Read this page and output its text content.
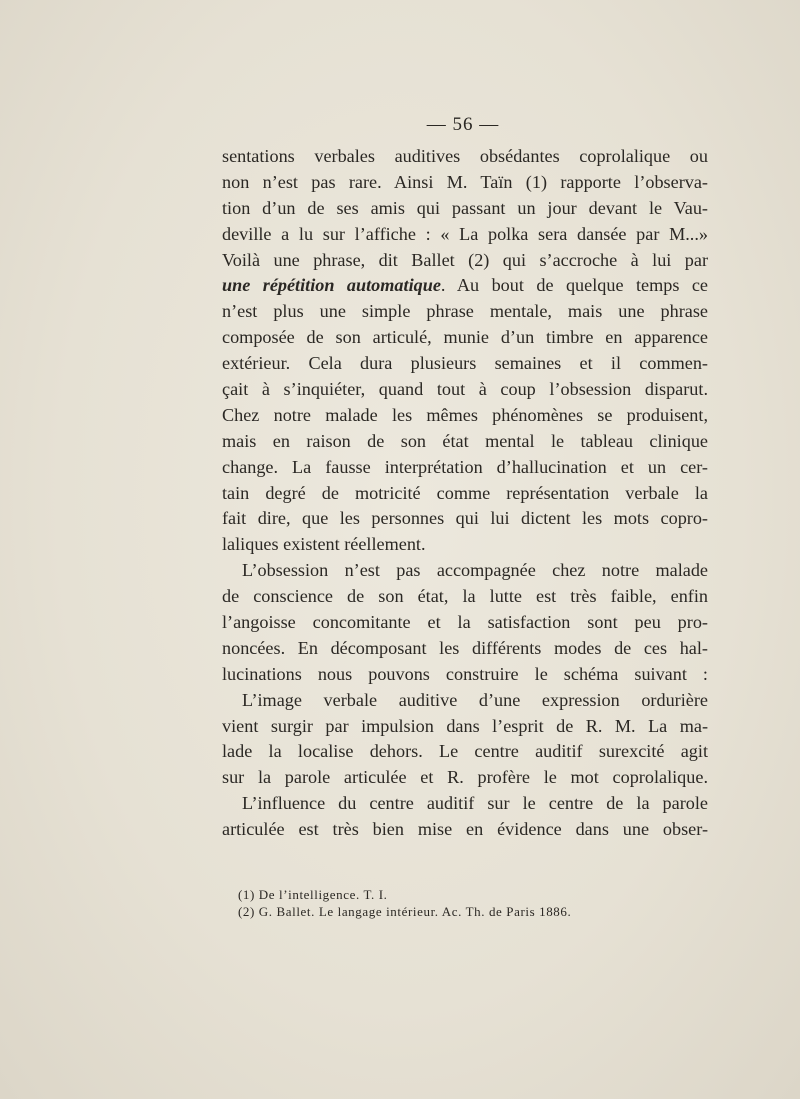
— 56 —
sentations verbales auditives obsédantes coprolalique ou
non n’est pas rare. Ainsi M. Taïn (1) rapporte l’observa-
tion d’un de ses amis qui passant un jour devant le Vau-
deville a lu sur l’affiche : « La polka sera dansée par M...»
Voilà une phrase, dit Ballet (2) qui s’accroche à lui par
une répétition automatique. Au bout de quelque temps ce
n’est plus une simple phrase mentale, mais une phrase
composée de son articulé, munie d’un timbre en apparence
extérieur. Cela dura plusieurs semaines et il commen-
çait à s’inquiéter, quand tout à coup l’obsession disparut.
Chez notre malade les mêmes phénomènes se produisent,
mais en raison de son état mental le tableau clinique
change. La fausse interprétation d’hallucination et un cer-
tain degré de motricité comme représentation verbale la
fait dire, que les personnes qui lui dictent les mots copro-
laliques existent réellement.
L’obsession n’est pas accompagnée chez notre malade
de conscience de son état, la lutte est très faible, enfin
l’angoisse concomitante et la satisfaction sont peu pro-
noncées. En décomposant les différents modes de ces hal-
lucinations nous pouvons construire le schéma suivant :
L’image verbale auditive d’une expression ordurière
vient surgir par impulsion dans l’esprit de R. M. La ma-
lade la localise dehors. Le centre auditif surexcité agit
sur la parole articulée et R. profère le mot coprolalique.
L’influence du centre auditif sur le centre de la parole
articulée est très bien mise en évidence dans une obser-
(1) De l’intelligence. T. I.
(2) G. Ballet. Le langage intérieur. Ac. Th. de Paris 1886.
